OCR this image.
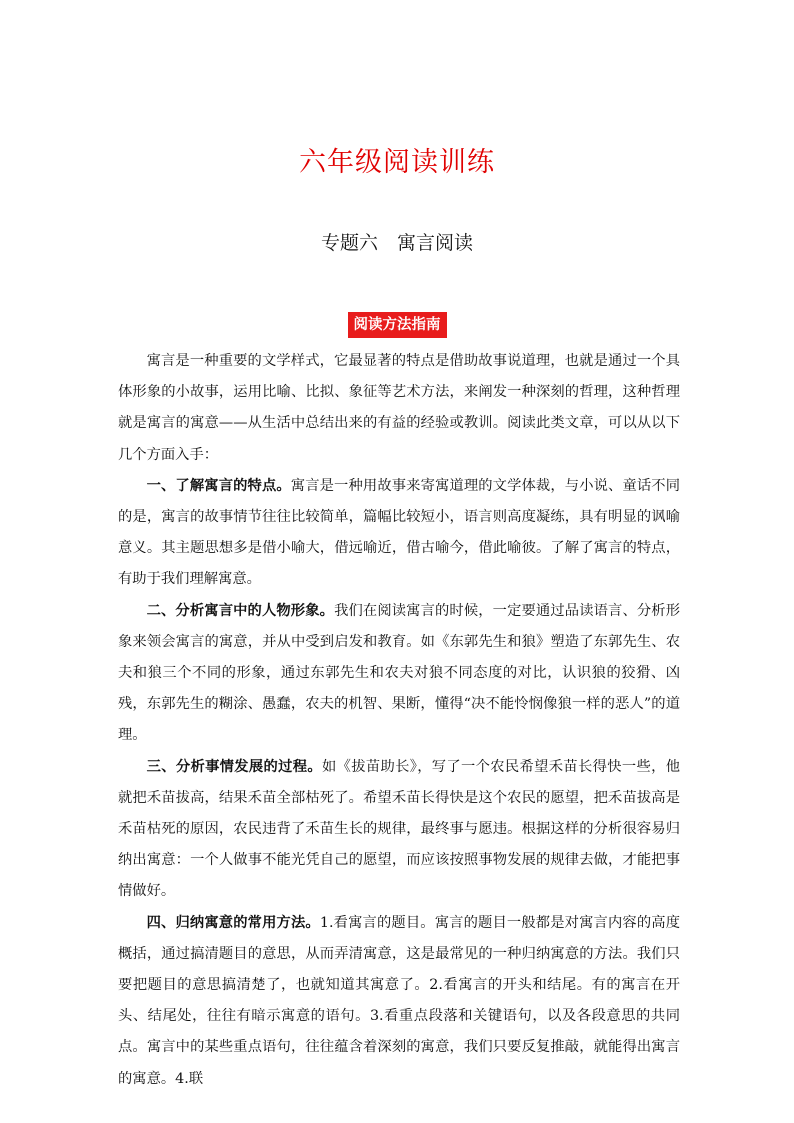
六年级阅读训练
专题六　寓言阅读
阅读方法指南

寓言是一种重要的文学样式，它最显著的特点是借助故事说道理，也就是通过一个具体形象的小故事，运用比喻、比拟、象征等艺术方法，来阐发一种深刻的哲理，这种哲理就是寓言的寓意——从生活中总结出来的有益的经验或教训。阅读此类文章，可以从以下几个方面入手：

一、了解寓言的特点。寓言是一种用故事来寄寓道理的文学体裁，与小说、童话不同的是，寓言的故事情节往往比较简单，篇幅比较短小，语言则高度凝练，具有明显的讽喻意义。其主题思想多是借小喻大，借远喻近，借古喻今，借此喻彼。了解了寓言的特点，有助于我们理解寓意。

二、分析寓言中的人物形象。我们在阅读寓言的时候，一定要通过品读语言、分析形象来领会寓言的寓意，并从中受到启发和教育。如《东郭先生和狼》塑造了东郭先生、农夫和狼三个不同的形象，通过东郭先生和农夫对狼不同态度的对比，认识狼的狡猾、凶残，东郭先生的糊涂、愚蠢，农夫的机智、果断，懂得“决不能怜悯像狼一样的恶人”的道理。

三、分析事情发展的过程。如《拔苗助长》，写了一个农民希望禾苗长得快一些，他就把禾苗拔高，结果禾苗全部枯死了。希望禾苗长得快是这个农民的愿望，把禾苗拔高是禾苗枯死的原因，农民违背了禾苗生长的规律，最终事与愿违。根据这样的分析很容易归纳出寓意：一个人做事不能光凭自己的愿望，而应该按照事物发展的规律去做，才能把事情做好。

四、归纳寓意的常用方法。1.看寓言的题目。寓言的题目一般都是对寓言内容的高度概括，通过搞清题目的意思，从而弄清寓意，这是最常见的一种归纳寓意的方法。我们只要把题目的意思搞清楚了，也就知道其寓意了。2.看寓言的开头和结尾。有的寓言在开头、结尾处，往往有暗示寓意的语句。3.看重点段落和关键语句，以及各段意思的共同点。寓言中的某些重点语句，往往蕴含着深刻的寓意，我们只要反复推敲，就能得出寓言的寓意。4.联
